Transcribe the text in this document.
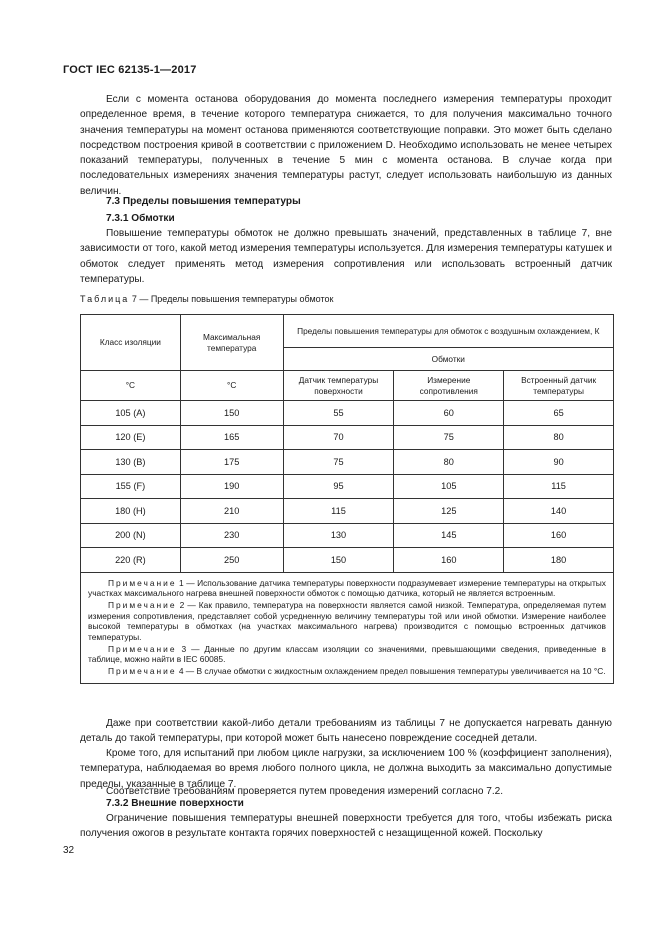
ГОСТ IEC 62135-1—2017

Если с момента останова оборудования до момента последнего измерения температуры проходит определенное время, в течение которого температура снижается, то для получения максимально точного значения температуры на момент останова применяются соответствующие поправки. Это может быть сделано посредством построения кривой в соответствии с приложением D. Необходимо использовать не менее четырех показаний температуры, полученных в течение 5 мин с момента останова. В случае когда при последовательных измерениях значения температуры растут, следует использовать наибольшую из данных величин.

7.3 Пределы повышения температуры

7.3.1 Обмотки

Повышение температуры обмоток не должно превышать значений, представленных в таблице 7, вне зависимости от того, какой метод измерения температуры используется. Для измерения температуры катушек и обмоток следует применять метод измерения сопротивления или использовать встроенный датчик температуры.

Таблица 7 — Пределы повышения температуры обмоток

Класс изоляции	Максимальная температура	Пределы повышения температуры для обмоток с воздушным охлаждением, К		
		Обмотки		
°С	°С	Датчик температуры поверхности	Измерение сопротивления	Встроенный датчик температуры
105 (A)	150	55	60	65
120 (E)	165	70	75	80
130 (B)	175	75	80	90
155 (F)	190	95	105	115
180 (H)	210	115	125	140
200 (N)	230	130	145	160
220 (R)	250	150	160	180

Примечание 1 — Использование датчика температуры поверхности подразумевает измерение температуры на открытых участках максимального нагрева внешней поверхности обмоток с помощью датчика, который не является встроенным.

Примечание 2 — Как правило, температура на поверхности является самой низкой. Температура, определяемая путем измерения сопротивления, представляет собой усредненную величину температуры той или иной обмотки. Измерение наиболее высокой температуры в обмотках (на участках максимального нагрева) производится с помощью встроенных датчиков температуры.

Примечание 3 — Данные по другим классам изоляции со значениями, превышающими сведения, приведенные в таблице, можно найти в IEC 60085.

Примечание 4 — В случае обмотки с жидкостным охлаждением предел повышения температуры увеличивается на 10 °С.				

Даже при соответствии какой-либо детали требованиям из таблицы 7 не допускается нагревать данную деталь до такой температуры, при которой может быть нанесено повреждение соседней детали.

Кроме того, для испытаний при любом цикле нагрузки, за исключением 100 % (коэффициент заполнения), температура, наблюдаемая во время любого полного цикла, не должна выходить за максимально допустимые пределы, указанные в таблице 7.

Соответствие требованиям проверяется путем проведения измерений согласно 7.2.

7.3.2 Внешние поверхности

Ограничение повышения температуры внешней поверхности требуется для того, чтобы избежать риска получения ожогов в результате контакта горячих поверхностей с незащищенной кожей. Поскольку

32
